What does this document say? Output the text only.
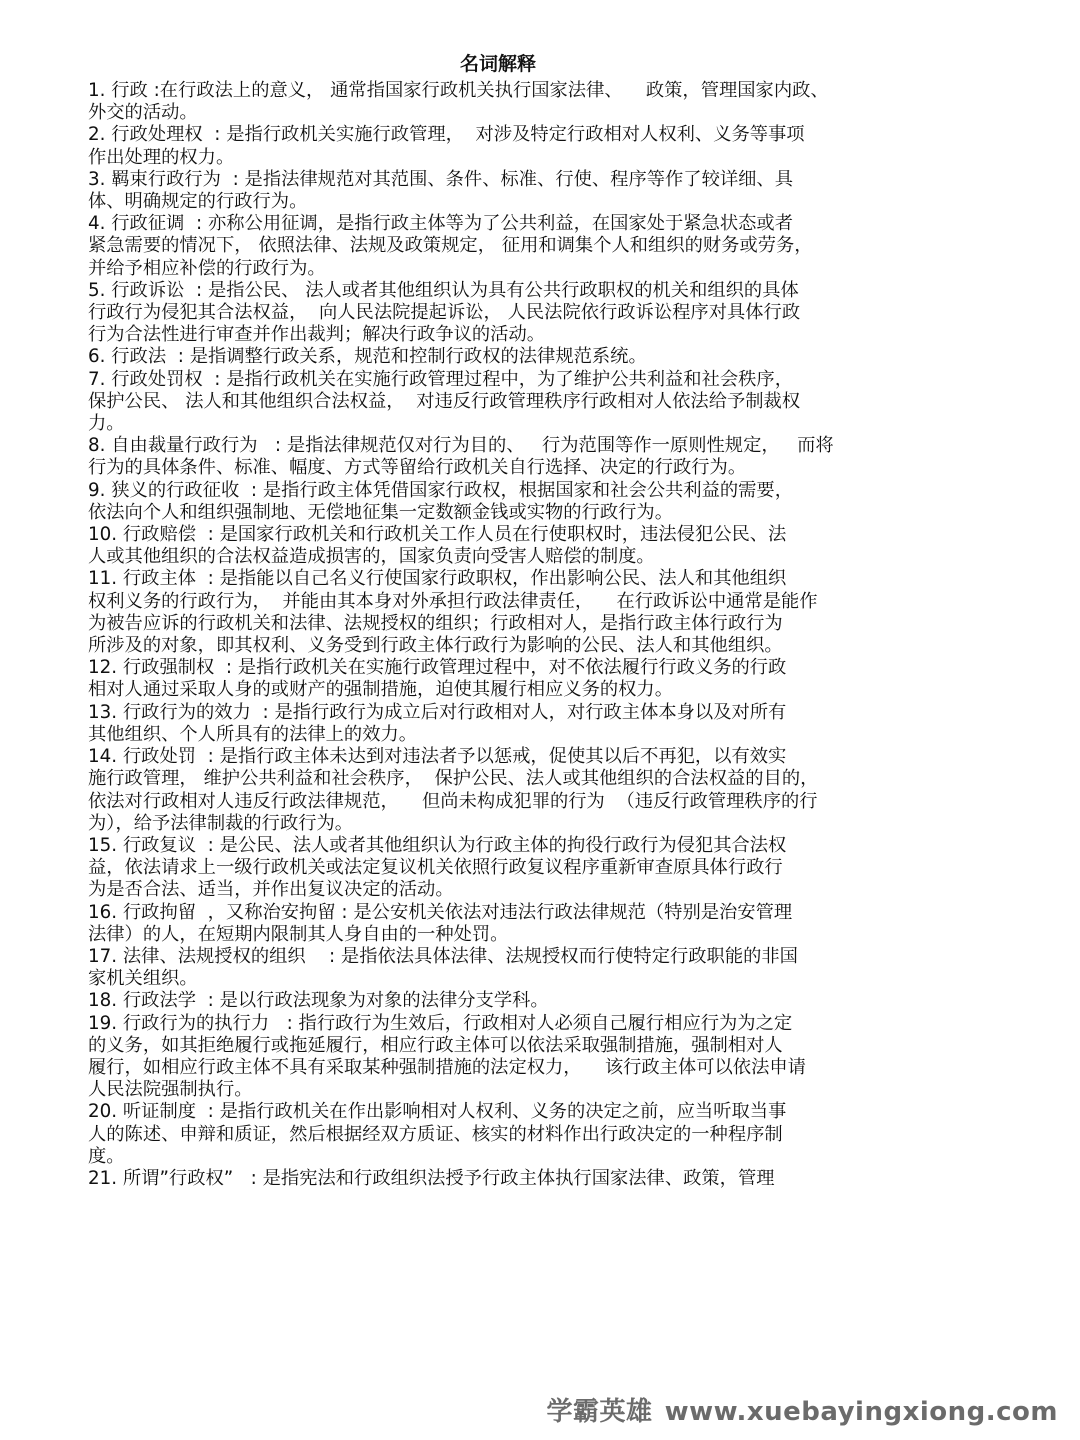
名词解释
1. 行政 :在行政法上的意义， 通常指国家行政机关执行国家法律、    政策，管理国家内政、
外交的活动。
2. 行政处理权  : 是指行政机关实施行政管理，  对涉及特定行政相对人权利、义务等事项
作出处理的权力。
3. 羁束行政行为  : 是指法律规范对其范围、条件、标准、行使、程序等作了较详细、具
体、明确规定的行政行为。
4. 行政征调  : 亦称公用征调，是指行政主体等为了公共利益，在国家处于紧急状态或者
紧急需要的情况下， 依照法律、法规及政策规定， 征用和调集个人和组织的财务或劳务，
并给予相应补偿的行政行为。
5. 行政诉讼  : 是指公民、 法人或者其他组织认为具有公共行政职权的机关和组织的具体
行政行为侵犯其合法权益，  向人民法院提起诉讼， 人民法院依行政诉讼程序对具体行政
行为合法性进行审查并作出裁判；解决行政争议的活动。
6. 行政法  : 是指调整行政关系，规范和控制行政权的法律规范系统。
7. 行政处罚权  : 是指行政机关在实施行政管理过程中，为了维护公共利益和社会秩序，
保护公民、 法人和其他组织合法权益，  对违反行政管理秩序行政相对人依法给予制裁权
力。
8. 自由裁量行政行为   : 是指法律规范仅对行为目的、   行为范围等作一原则性规定，   而将
行为的具体条件、标准、幅度、方式等留给行政机关自行选择、决定的行政行为。
9. 狭义的行政征收  : 是指行政主体凭借国家行政权，根据国家和社会公共利益的需要，
依法向个人和组织强制地、无偿地征集一定数额金钱或实物的行政行为。
10. 行政赔偿  : 是国家行政机关和行政机关工作人员在行使职权时，违法侵犯公民、法
人或其他组织的合法权益造成损害的，国家负责向受害人赔偿的制度。
11. 行政主体  : 是指能以自己名义行使国家行政职权，作出影响公民、法人和其他组织
权利义务的行政行为，  并能由其本身对外承担行政法律责任，    在行政诉讼中通常是能作
为被告应诉的行政机关和法律、法规授权的组织；行政相对人，是指行政主体行政行为
所涉及的对象，即其权利、义务受到行政主体行政行为影响的公民、法人和其他组织。
12. 行政强制权  : 是指行政机关在实施行政管理过程中，对不依法履行行政义务的行政
相对人通过采取人身的或财产的强制措施，迫使其履行相应义务的权力。
13. 行政行为的效力  : 是指行政行为成立后对行政相对人，对行政主体本身以及对所有
其他组织、个人所具有的法律上的效力。
14. 行政处罚  : 是指行政主体未达到对违法者予以惩戒，促使其以后不再犯，以有效实
施行政管理， 维护公共利益和社会秩序，  保护公民、法人或其他组织的合法权益的目的，
依法对行政相对人违反行政法律规范，    但尚未构成犯罪的行为  （违反行政管理秩序的行
为），给予法律制裁的行政行为。
15. 行政复议  : 是公民、法人或者其他组织认为行政主体的拘役行政行为侵犯其合法权
益，依法请求上一级行政机关或法定复议机关依照行政复议程序重新审查原具体行政行
为是否合法、适当，并作出复议决定的活动。
16. 行政拘留  ，又称治安拘留 : 是公安机关依法对违法行政法律规范（特别是治安管理
法律）的人，在短期内限制其人身自由的一种处罚。
17. 法律、法规授权的组织    : 是指依法具体法律、法规授权而行使特定行政职能的非国
家机关组织。
18. 行政法学  : 是以行政法现象为对象的法律分支学科。
19. 行政行为的执行力   : 指行政行为生效后，行政相对人必须自己履行相应行为为之定
的义务，如其拒绝履行或拖延履行，相应行政主体可以依法采取强制措施，强制相对人
履行，如相应行政主体不具有采取某种强制措施的法定权力，    该行政主体可以依法申请
人民法院强制执行。
20. 听证制度  : 是指行政机关在作出影响相对人权利、义务的决定之前，应当听取当事
人的陈述、申辩和质证，然后根据经双方质证、核实的材料作出行政决定的一种程序制
度。
21. 所谓”行政权”   : 是指宪法和行政组织法授予行政主体执行国家法律、政策，管理
学霸英雄 www.xuebayingxiong.com
